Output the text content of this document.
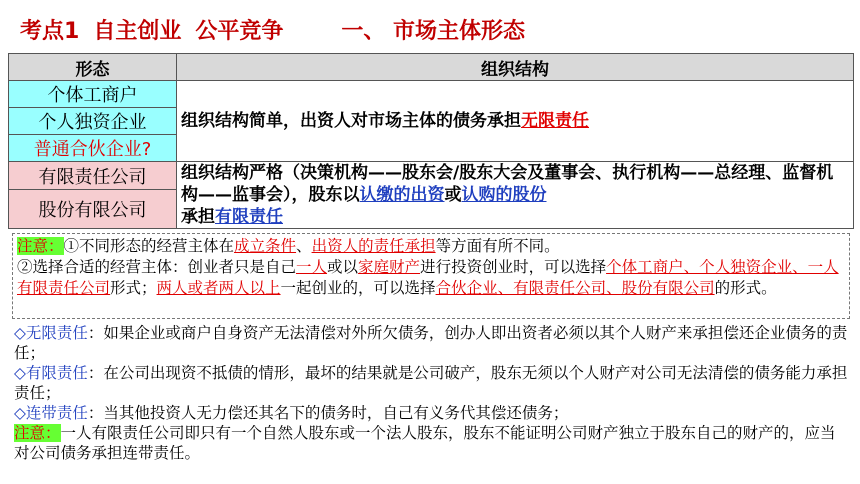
考点1 自主创业 公平竞争	一、 市场主体形态
形态	组织结构
个体工商户	组织结构简单，出资人对市场主体的债务承担无限责任
个人独资企业	
普通合伙企业?	
有限责任公司	组织结构严格（决策机构——股东会/股东大会及董事会、执行机构——总经理、监督机构——监事会），股东以认缴的出资或认购的股份
承担有限责任
股份有限公司	
注意：①不同形态的经营主体在成立条件、出资人的责任承担等方面有所不同。
②选择合适的经营主体：创业者只是自己一人或以家庭财产进行投资创业时，可以选择个体工商户、个人独资企业、一人有限责任公司形式；两人或者两人以上一起创业的，可以选择合伙企业、有限责任公司、股份有限公司的形式。
◇无限责任：如果企业或商户自身资产无法清偿对外所欠债务，创办人即出资者必须以其个人财产来承担偿还企业债务的责任；
◇有限责任：在公司出现资不抵债的情形，最坏的结果就是公司破产，股东无须以个人财产对公司无法清偿的债务能力承担责任；
◇连带责任：当其他投资人无力偿还其名下的债务时，自己有义务代其偿还债务；
注意：一人有限责任公司即只有一个自然人股东或一个法人股东，股东不能证明公司财产独立于股东自己的财产的，应当对公司债务承担连带责任。
